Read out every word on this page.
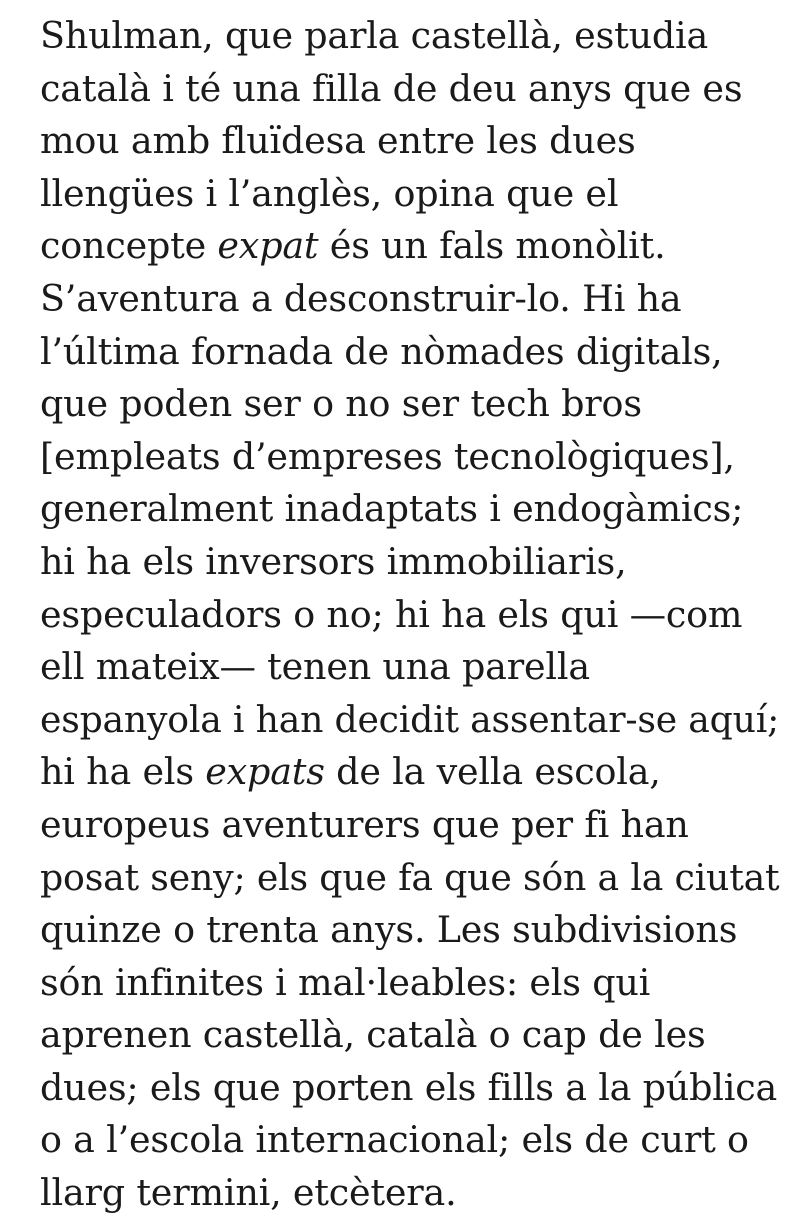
Shulman, que parla castellà, estudia
català i té una filla de deu anys que es
mou amb fluïdesa entre les dues
llengües i l’anglès, opina que el
concepte expat és un fals monòlit.
S’aventura a desconstruir-lo. Hi ha
l’última fornada de nòmades digitals,
que poden ser o no ser tech bros
[empleats d’empreses tecnològiques],
generalment inadaptats i endogàmics;
hi ha els inversors immobiliaris,
especuladors o no; hi ha els qui —com
ell mateix— tenen una parella
espanyola i han decidit assentar-se aquí;
hi ha els expats de la vella escola,
europeus aventurers que per fi han
posat seny; els que fa que són a la ciutat
quinze o trenta anys. Les subdivisions
són infinites i mal·leables: els qui
aprenen castellà, català o cap de les
dues; els que porten els fills a la pública
o a l’escola internacional; els de curt o
llarg termini, etcètera.
